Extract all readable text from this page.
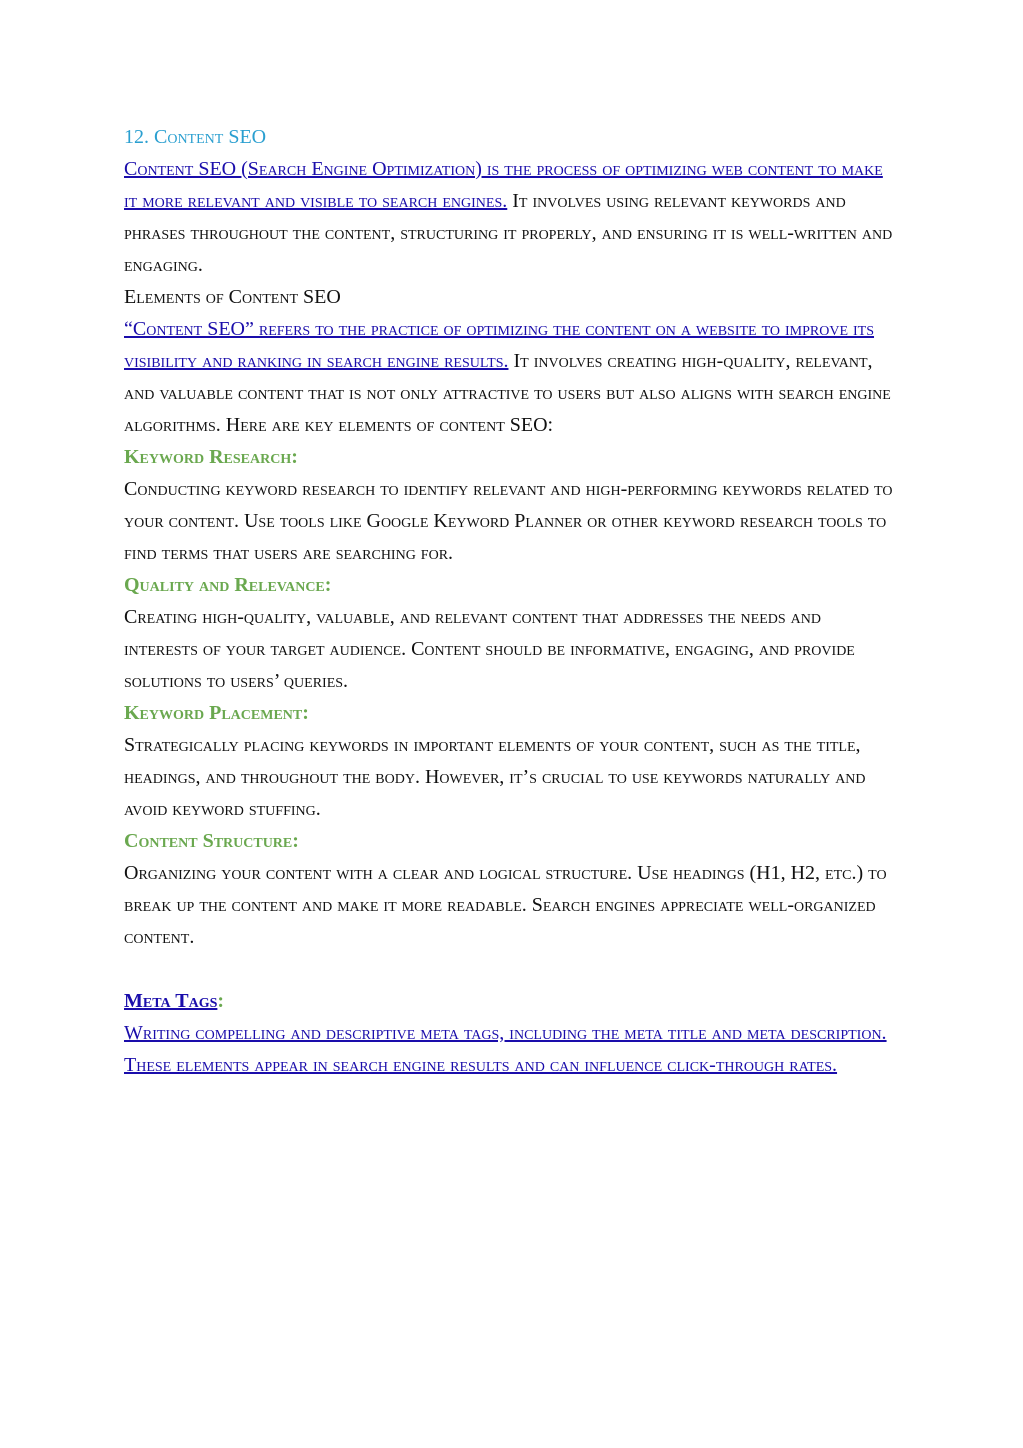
12. Content SEO

Content SEO (Search Engine Optimization) is the process of optimizing web content to make it more relevant and visible to search engines. It involves using relevant keywords and phrases throughout the content, structuring it properly, and ensuring it is well-written and engaging.

Elements of Content SEO

“Content SEO” refers to the practice of optimizing the content on a website to improve its visibility and ranking in search engine results. It involves creating high-quality, relevant, and valuable content that is not only attractive to users but also aligns with search engine algorithms. Here are key elements of content SEO:

Keyword Research:

Conducting keyword research to identify relevant and high-performing keywords related to your content. Use tools like Google Keyword Planner or other keyword research tools to find terms that users are searching for.

Quality and Relevance:

Creating high-quality, valuable, and relevant content that addresses the needs and interests of your target audience. Content should be informative, engaging, and provide solutions to users’ queries.

Keyword Placement:

Strategically placing keywords in important elements of your content, such as the title, headings, and throughout the body. However, it’s crucial to use keywords naturally and avoid keyword stuffing.

Content Structure:

Organizing your content with a clear and logical structure. Use headings (H1, H2, etc.) to break up the content and make it more readable. Search engines appreciate well-organized content.

Meta Tags:

Writing compelling and descriptive meta tags, including the meta title and meta description. These elements appear in search engine results and can influence click-through rates.
